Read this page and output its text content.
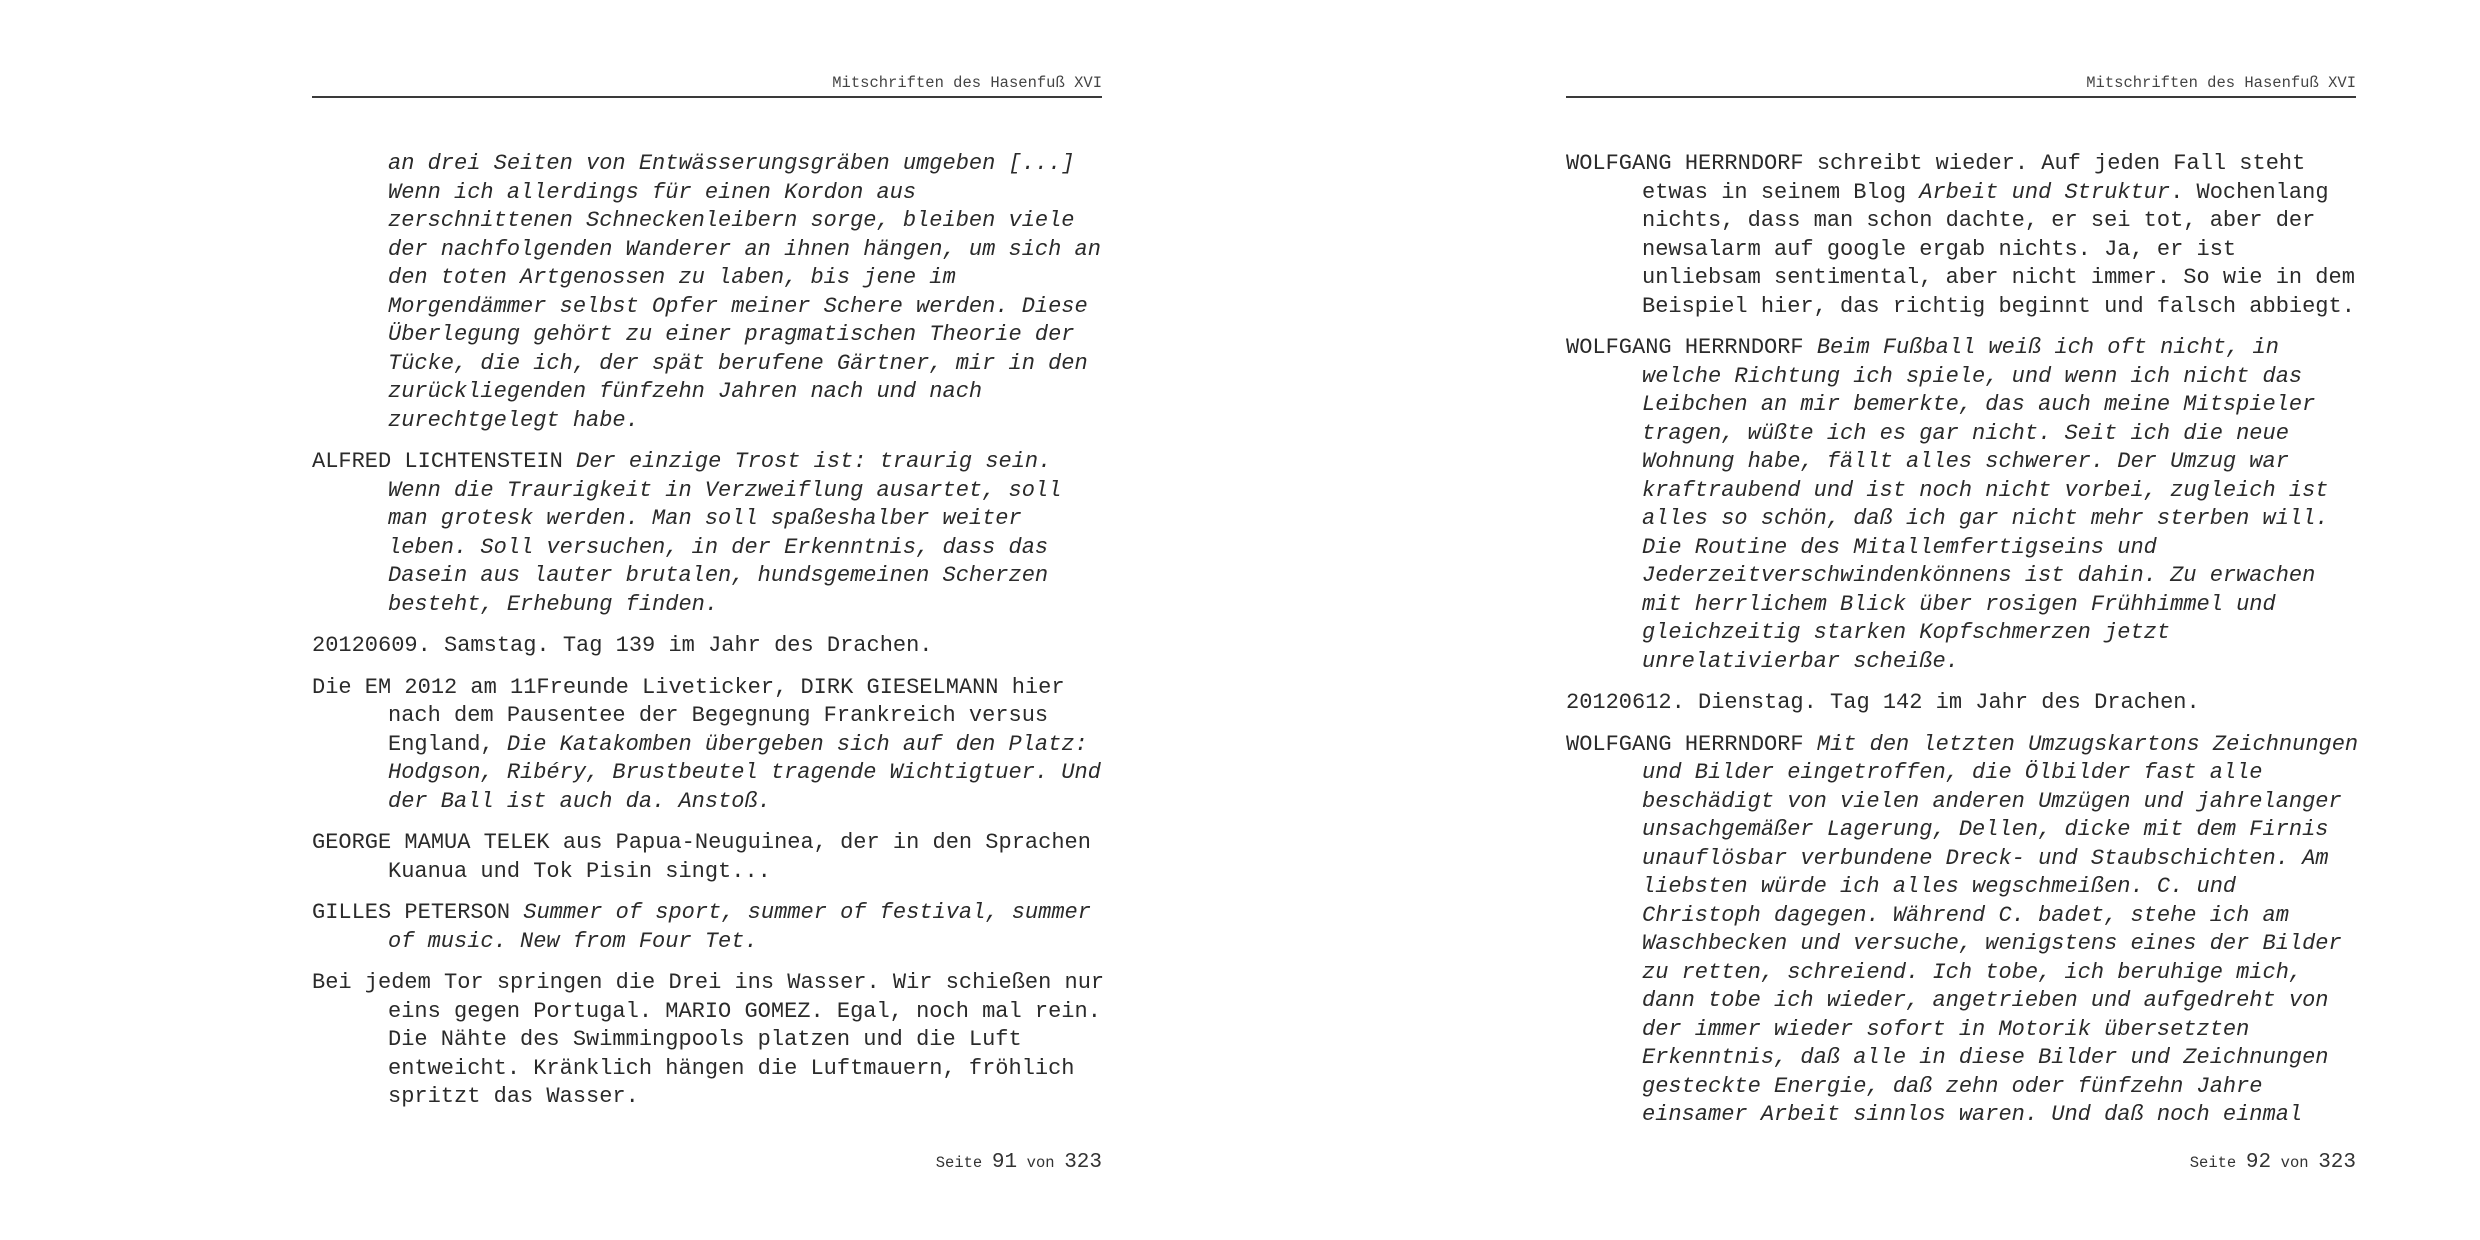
Mitschriften des Hasenfuß XVI
an drei Seiten von Entwässerungsgräben umgeben [...]
Wenn ich allerdings für einen Kordon aus
zerschnittenen Schneckenleibern sorge, bleiben viele
der nachfolgenden Wanderer an ihnen hängen, um sich an
den toten Artgenossen zu laben, bis jene im
Morgendämmer selbst Opfer meiner Schere werden. Diese
Überlegung gehört zu einer pragmatischen Theorie der
Tücke, die ich, der spät berufene Gärtner, mir in den
zurückliegenden fünfzehn Jahren nach und nach
zurechtgelegt habe.
ALFRED LICHTENSTEIN Der einzige Trost ist: traurig sein.
Wenn die Traurigkeit in Verzweiflung ausartet, soll
man grotesk werden. Man soll spaßeshalber weiter
leben. Soll versuchen, in der Erkenntnis, dass das
Dasein aus lauter brutalen, hundsgemeinen Scherzen
besteht, Erhebung finden.
20120609. Samstag. Tag 139 im Jahr des Drachen.
Die EM 2012 am 11Freunde Liveticker, DIRK GIESELMANN hier
nach dem Pausentee der Begegnung Frankreich versus
England, Die Katakomben übergeben sich auf den Platz:
Hodgson, Ribéry, Brustbeutel tragende Wichtigtuer. Und
der Ball ist auch da. Anstoß.
GEORGE MAMUA TELEK aus Papua-Neuguinea, der in den Sprachen
Kuanua und Tok Pisin singt...
GILLES PETERSON Summer of sport, summer of festival, summer
of music. New from Four Tet.
Bei jedem Tor springen die Drei ins Wasser. Wir schießen nur
eins gegen Portugal. MARIO GOMEZ. Egal, noch mal rein.
Die Nähte des Swimmingpools platzen und die Luft
entweicht. Kränklich hängen die Luftmauern, fröhlich
spritzt das Wasser.
Seite 91 von 323
Mitschriften des Hasenfuß XVI
WOLFGANG HERRNDORF schreibt wieder. Auf jeden Fall steht
etwas in seinem Blog Arbeit und Struktur. Wochenlang
nichts, dass man schon dachte, er sei tot, aber der
newsalarm auf google ergab nichts. Ja, er ist
unliebsam sentimental, aber nicht immer. So wie in dem
Beispiel hier, das richtig beginnt und falsch abbiegt.
WOLFGANG HERRNDORF Beim Fußball weiß ich oft nicht, in
welche Richtung ich spiele, und wenn ich nicht das
Leibchen an mir bemerkte, das auch meine Mitspieler
tragen, wüßte ich es gar nicht. Seit ich die neue
Wohnung habe, fällt alles schwerer. Der Umzug war
kraftraubend und ist noch nicht vorbei, zugleich ist
alles so schön, daß ich gar nicht mehr sterben will.
Die Routine des Mitallemfertigseins und
Jederzeitverschwindenkönnens ist dahin. Zu erwachen
mit herrlichem Blick über rosigen Frühhimmel und
gleichzeitig starken Kopfschmerzen jetzt
unrelativierbar scheiße.
20120612. Dienstag. Tag 142 im Jahr des Drachen.
WOLFGANG HERRNDORF Mit den letzten Umzugskartons Zeichnungen
und Bilder eingetroffen, die Ölbilder fast alle
beschädigt von vielen anderen Umzügen und jahrelanger
unsachgemäßer Lagerung, Dellen, dicke mit dem Firnis
unauflösbar verbundene Dreck- und Staubschichten. Am
liebsten würde ich alles wegschmeißen. C. und
Christoph dagegen. Während C. badet, stehe ich am
Waschbecken und versuche, wenigstens eines der Bilder
zu retten, schreiend. Ich tobe, ich beruhige mich,
dann tobe ich wieder, angetrieben und aufgedreht von
der immer wieder sofort in Motorik übersetzten
Erkenntnis, daß alle in diese Bilder und Zeichnungen
gesteckte Energie, daß zehn oder fünfzehn Jahre
einsamer Arbeit sinnlos waren. Und daß noch einmal
Seite 92 von 323
